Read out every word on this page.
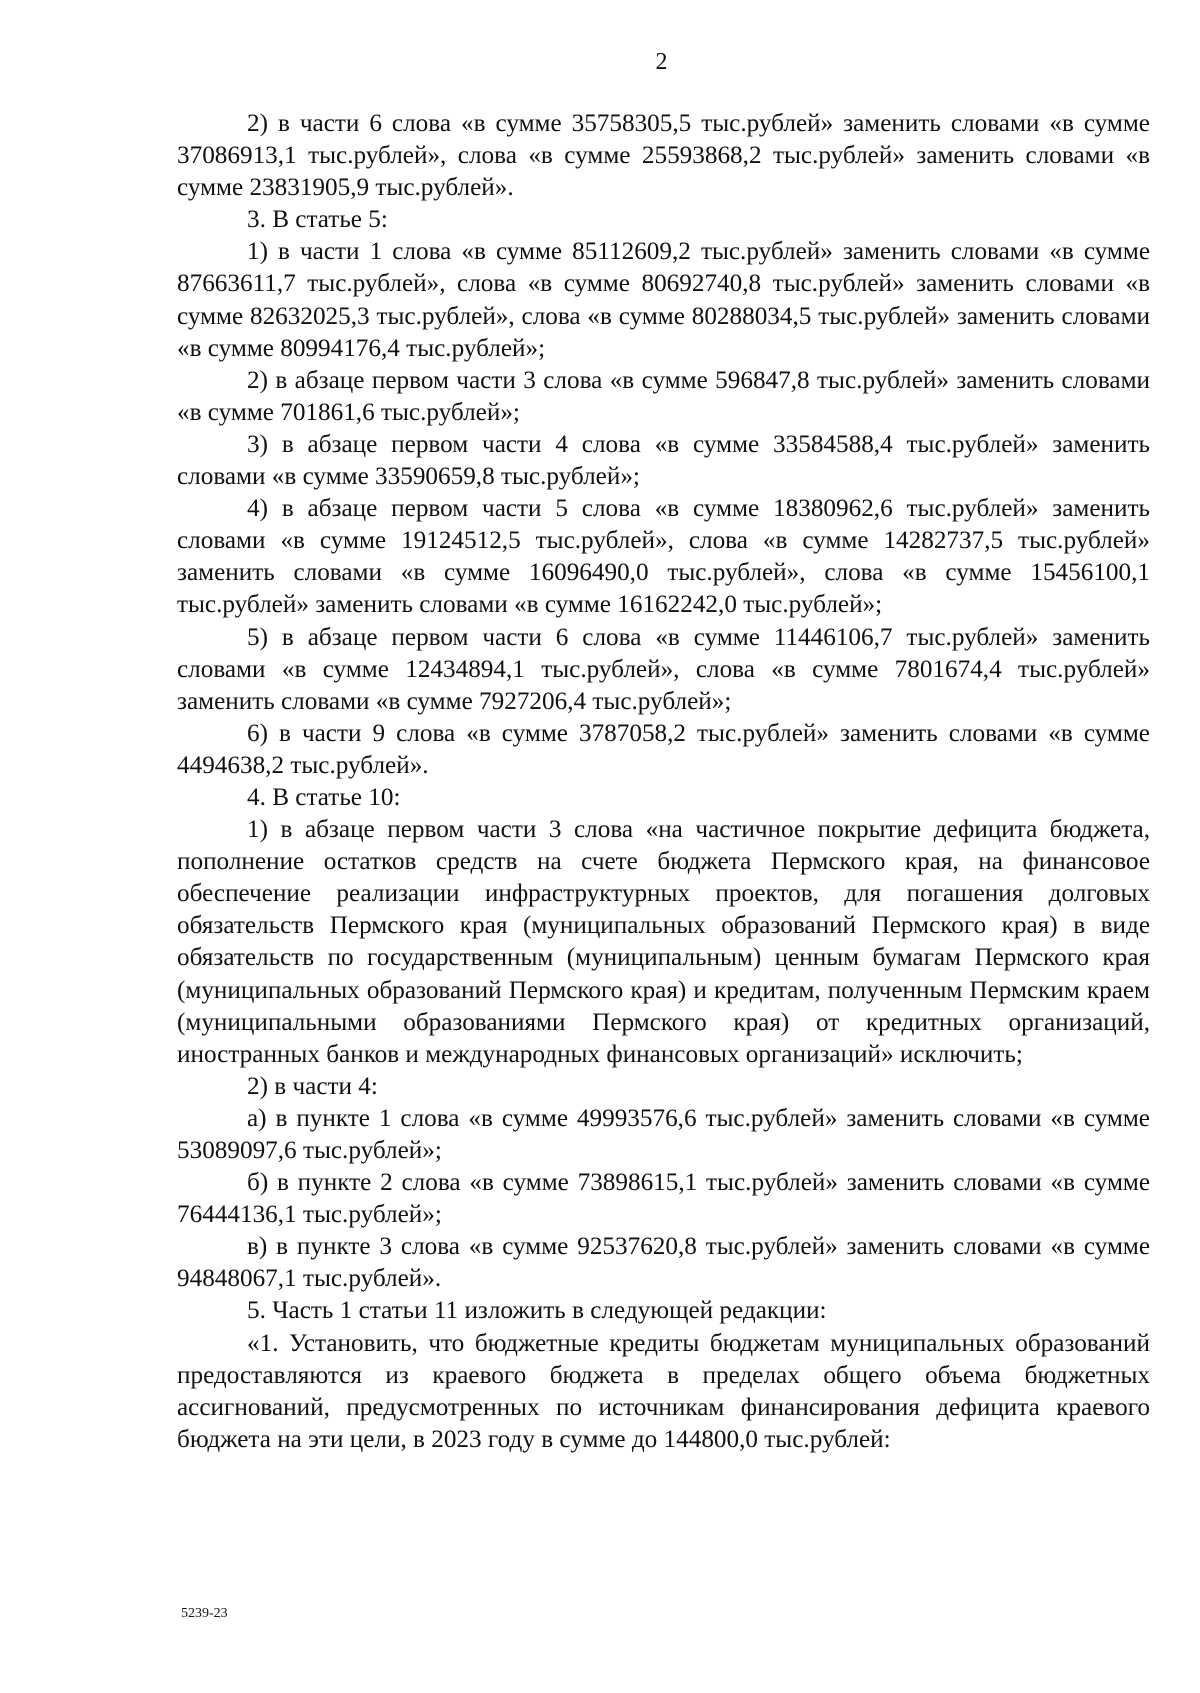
2

2) в части 6 слова «в сумме 35758305,5 тыс.рублей» заменить словами «в сумме 37086913,1 тыс.рублей», слова «в сумме 25593868,2 тыс.рублей» заменить словами «в сумме 23831905,9 тыс.рублей».

3. В статье 5:

1) в части 1 слова «в сумме 85112609,2 тыс.рублей» заменить словами «в сумме 87663611,7 тыс.рублей», слова «в сумме 80692740,8 тыс.рублей» заменить словами «в сумме 82632025,3 тыс.рублей», слова «в сумме 80288034,5 тыс.рублей» заменить словами «в сумме 80994176,4 тыс.рублей»;

2) в абзаце первом части 3 слова «в сумме 596847,8 тыс.рублей» заменить словами «в сумме 701861,6 тыс.рублей»;

3) в абзаце первом части 4 слова «в сумме 33584588,4 тыс.рублей» заменить словами «в сумме 33590659,8 тыс.рублей»;

4) в абзаце первом части 5 слова «в сумме 18380962,6 тыс.рублей» заменить словами «в сумме 19124512,5 тыс.рублей», слова «в сумме 14282737,5 тыс.рублей» заменить словами «в сумме 16096490,0 тыс.рублей», слова «в сумме 15456100,1 тыс.рублей» заменить словами «в сумме 16162242,0 тыс.рублей»;

5) в абзаце первом части 6 слова «в сумме 11446106,7 тыс.рублей» заменить словами «в сумме 12434894,1 тыс.рублей», слова «в сумме 7801674,4 тыс.рублей» заменить словами «в сумме 7927206,4 тыс.рублей»;

6) в части 9 слова «в сумме 3787058,2 тыс.рублей» заменить словами «в сумме 4494638,2 тыс.рублей».

4. В статье 10:

1) в абзаце первом части 3 слова «на частичное покрытие дефицита бюджета, пополнение остатков средств на счете бюджета Пермского края, на финансовое обеспечение реализации инфраструктурных проектов, для погашения долговых обязательств Пермского края (муниципальных образований Пермского края) в виде обязательств по государственным (муниципальным) ценным бумагам Пермского края (муниципальных образований Пермского края) и кредитам, полученным Пермским краем (муниципальными образованиями Пермского края) от кредитных организаций, иностранных банков и международных финансовых организаций» исключить;

2) в части 4:

а) в пункте 1 слова «в сумме 49993576,6 тыс.рублей» заменить словами «в сумме 53089097,6 тыс.рублей»;

б) в пункте 2 слова «в сумме 73898615,1 тыс.рублей» заменить словами «в сумме 76444136,1 тыс.рублей»;

в) в пункте 3 слова «в сумме 92537620,8 тыс.рублей» заменить словами «в сумме 94848067,1 тыс.рублей».

5. Часть 1 статьи 11 изложить в следующей редакции:

«1. Установить, что бюджетные кредиты бюджетам муниципальных образований предоставляются из краевого бюджета в пределах общего объема бюджетных ассигнований, предусмотренных по источникам финансирования дефицита краевого бюджета на эти цели, в 2023 году в сумме до 144800,0 тыс.рублей:

5239-23
